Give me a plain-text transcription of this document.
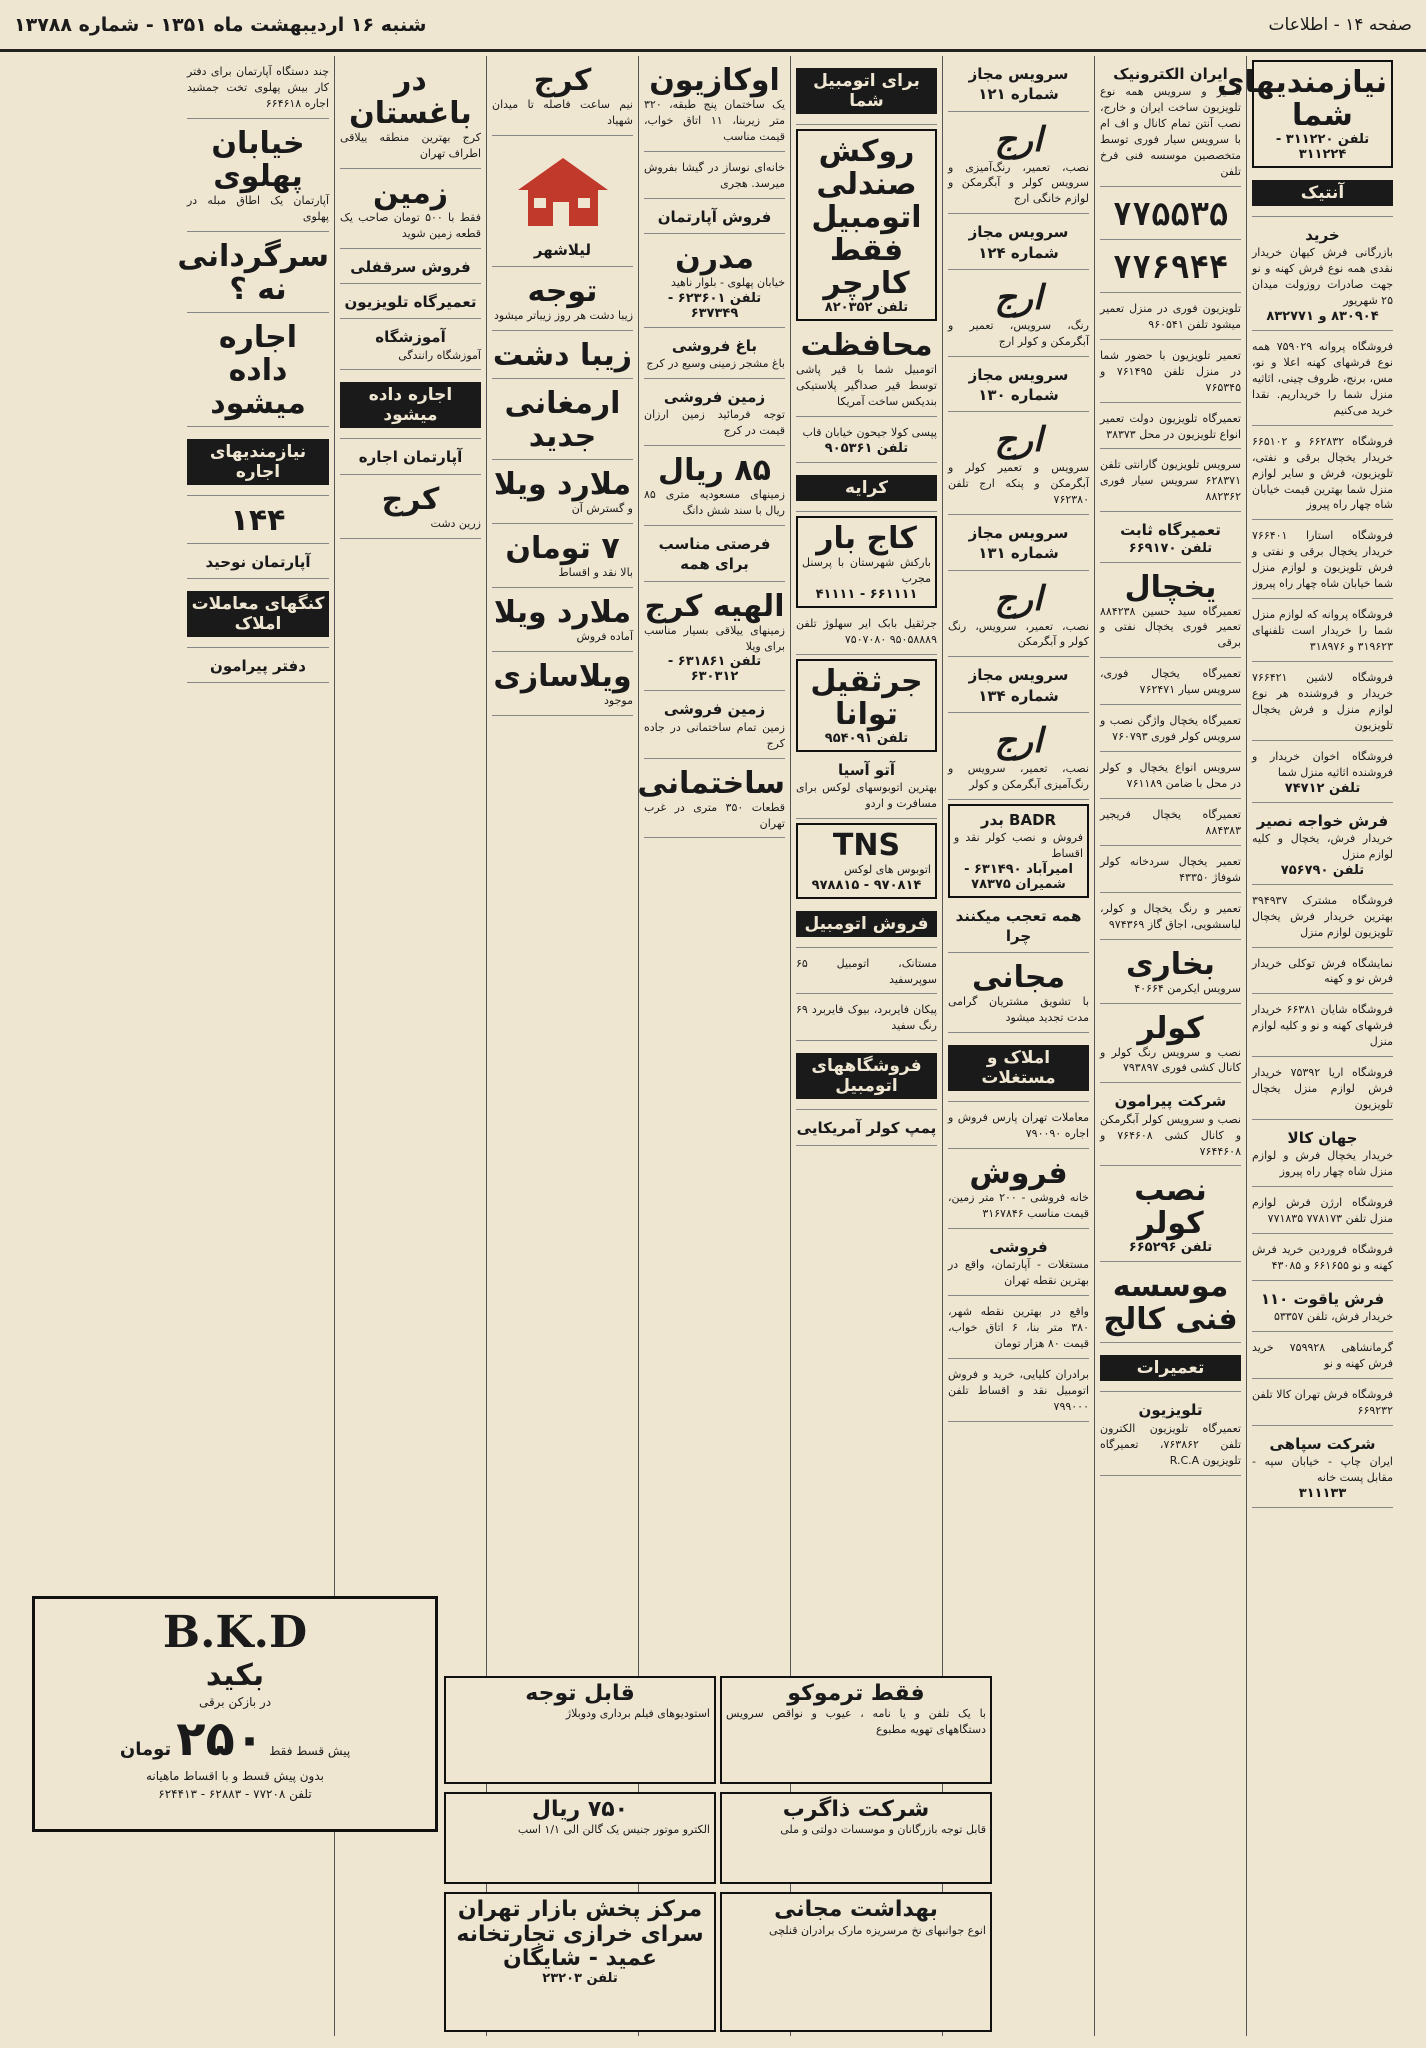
صفحه ۱۴ - اطلاعات
شنبه ۱۶ اردیبهشت ماه ۱۳۵۱ - شماره ۱۳۷۸۸
نیازمندیهای شما
تلفن ۳۱۱۲۲۰ - ۳۱۱۲۲۴
آنتیک
خرید
بازرگانی فرش کیهان خریدار نقدی همه نوع فرش کهنه و نو جهت صادرات روزولت میدان ۲۵ شهریور
۸۳۰۹۰۴ و ۸۳۲۷۷۱
فروشگاه پروانه ۷۵۹۰۲۹ همه نوع فرشهای کهنه اعلا و نو، مس، برنج، ظروف چینی، اثاثیه منزل شما را خریداریم. نقدا خرید می‌کنیم
فروشگاه ۶۶۲۸۳۲ و ۶۶۵۱۰۲ خریدار یخچال برقی و نفتی، تلویزیون، فرش و سایر لوازم منزل شما بهترین قیمت خیابان شاه چهار راه پیروز
فروشگاه استارا ۷۶۶۴۰۱ خریدار یخچال برقی و نفتی و فرش تلویزیون و لوازم منزل شما خیابان شاه چهار راه پیروز
فروشگاه پروانه که لوازم منزل شما را خریدار است تلفنهای ۳۱۹۶۲۳ و ۳۱۸۹۷۶
فروشگاه لاشین ۷۶۶۴۲۱ خریدار و فروشنده هر نوع لوازم منزل و فرش یخچال تلویزیون
فروشگاه اخوان خریدار و فروشنده اثاثیه منزل شما
تلفن ۷۴۷۱۲
فرش خواجه نصیر
خریدار فرش، یخچال و کلیه لوازم منزل
تلفن ۷۵۶۷۹۰
فروشگاه مشترک ۳۹۴۹۳۷ بهترین خریدار فرش یخچال تلویزیون لوازم منزل
نمایشگاه فرش توکلی خریدار فرش نو و کهنه
فروشگاه شایان ۶۶۳۸۱ خریدار فرشهای کهنه و نو و کلیه لوازم منزل
فروشگاه اریا ۷۵۳۹۲ خریدار فرش لوازم منزل یخچال تلویزیون
جهان کالا
خریدار یخچال فرش و لوازم منزل شاه چهار راه پیروز
فروشگاه ارژن فرش لوازم منزل تلفن ۷۷۸۱۷۳ ۷۷۱۸۳۵
فروشگاه فروردین خرید فرش کهنه و نو ۶۶۱۶۵۵ و ۴۳۰۸۵
فرش یاقوت ۱۱۰
خریدار فرش، تلفن ۵۳۳۵۷
گرمانشاهی ۷۵۹۹۲۸ خرید فرش کهنه و نو
فروشگاه فرش تهران کالا تلفن ۶۶۹۲۳۲
شرکت سپاهی
ایران چاپ - خیابان سپه - مقابل پست خانه
۳۱۱۱۳۳
ایران الکترونیک
تعمیر و سرویس همه نوع تلویزیون ساخت ایران و خارج، نصب آنتن تمام کانال و اف ام با سرویس سیار فوری توسط متخصصین موسسه فنی فرخ تلفن
۷۷۵۵۳۵
۷۷۶۹۴۴
تلویزیون فوری در منزل تعمیر میشود تلفن ۹۶۰۵۴۱
تعمیر تلویزیون با حضور شما در منزل تلفن ۷۶۱۴۹۵ و ۷۶۵۳۴۵
تعمیرگاه تلویزیون دولت تعمیر انواع تلویزیون در محل ۳۸۳۷۳
سرویس تلویزیون گارانتی تلفن ۶۲۸۳۷۱ سرویس سیار فوری ۸۸۲۳۶۲
تعمیرگاه ثابت
تلفن ۶۶۹۱۷۰
یخچال
تعمیرگاه سید حسین ۸۸۴۲۳۸ تعمیر فوری یخچال نفتی و برقی
تعمیرگاه یخچال فوری، سرویس سیار ۷۶۲۴۷۱
تعمیرگاه یخچال واژگن نصب و سرویس کولر فوری ۷۶۰۷۹۳
سرویس انواع یخچال و کولر در محل با ضامن ۷۶۱۱۸۹
تعمیرگاه یخچال فریجیر ۸۸۴۳۸۳
تعمیر یخچال سردخانه کولر شوفاژ ۴۳۳۵۰
تعمیر و رنگ یخچال و کولر، لباسشویی، اجاق گاز ۹۷۴۳۶۹
بخاری
سرویس ایکرمن ۴۰۶۶۴
کولر
نصب و سرویس رنگ کولر و کانال کشی فوری ۷۹۳۸۹۷
شرکت پیرامون
نصب و سرویس کولر آبگرمکن و کانال کشی ۷۶۴۶۰۸ و ۷۶۴۴۶۰۸
نصب کولر
تلفن ۶۶۵۲۹۶
موسسه فنی کالج
تعمیرات
تلویزیون
تعمیرگاه تلویزیون الکترون تلفن ۷۶۳۸۶۲، تعمیرگاه تلویزیون R.C.A
سرویس مجاز شماره ۱۲۱
ارج
نصب، تعمیر، رنگ‌آمیزی و سرویس کولر و آبگرمکن و لوازم خانگی ارج
سرویس مجاز شماره ۱۲۴
ارج
رنگ، سرویس، تعمیر و آبگرمکن و کولر ارج
سرویس مجاز شماره ۱۳۰
ارج
سرویس و تعمیر کولر و آبگرمکن و پنکه ارج تلفن ۷۶۲۳۸۰
سرویس مجاز شماره ۱۳۱
ارج
نصب، تعمیر، سرویس، رنگ کولر و آبگرمکن
سرویس مجاز شماره ۱۳۴
ارج
نصب، تعمیر، سرویس و رنگ‌آمیزی آبگرمکن و کولر
BADR بدر
فروش و نصب کولر نقد و اقساط
امیرآباد ۶۳۱۴۹۰ - شمیران ۷۸۳۷۵
همه تعجب میکنند چرا
مجانی
با تشویق مشتریان گرامی مدت تجدید میشود
املاک و مستغلات
معاملات تهران پارس فروش و اجاره ۷۹۰۰۹۰
فروش
خانه فروشی - ۲۰۰ متر زمین، قیمت مناسب ۳۱۶۷۸۴۶
فروشی
مستغلات - آپارتمان، واقع در بهترین نقطه تهران
واقع در بهترین نقطه شهر، ۳۸۰ متر بنا، ۶ اتاق خواب، قیمت ۸۰ هزار تومان
برادران کلیایی، خرید و فروش اتومبیل نقد و اقساط تلفن ۷۹۹۰۰۰
برای اتومبیل شما
روکش صندلی اتومبیل فقط کارچر
تلفن ۸۲۰۳۵۲
محافظت
اتومبیل شما با قیر پاشی توسط قیر صداگیر پلاستیکی بندیکس ساخت آمریکا
پپسی کولا جیحون خیابان قاب
تلفن ۹۰۵۳۶۱
کرایه
کاج بار
بارکش شهرستان با پرسنل مجرب
۶۶۱۱۱۱ - ۴۱۱۱۱
جرثقیل بابک ایر سهلوژ تلفن ۹۵۰۵۸۸۸۹ ۷۵۰۷۰۸۰
جرثقیل توانا
تلفن ۹۵۴۰۹۱
آتو آسیا
بهترین اتوبوسهای لوکس برای مسافرت و اردو
TNS
اتوبوس های لوکس
۹۷۰۸۱۴ - ۹۷۸۸۱۵
فروش اتومبیل
مستانک، اتومبیل ۶۵ سوپرسفید
پیکان فایربرد، بیوک فایربرد ۶۹ رنگ سفید
فروشگاههای اتومبیل
پمپ کولر آمریکایی
اوکازیون
یک ساختمان پنج طبقه، ۳۲۰ متر زیربنا، ۱۱ اتاق خواب، قیمت مناسب
خانه‌ای نوساز در گیشا بفروش میرسد. هجری
فروش آپارتمان
مدرن
خیابان پهلوی - بلوار ناهید
تلفن ۶۲۳۶۰۱ - ۶۳۷۳۴۹
باغ فروشی
باغ مشجر زمینی وسیع در کرج
زمین فروشی
توجه فرمائید زمین ارزان قیمت در کرج
۸۵ ریال
زمینهای مسعودیه متری ۸۵ ریال با سند شش دانگ
فرصتی مناسب برای همه
الهیه کرج
زمینهای ییلاقی بسیار مناسب برای ویلا
تلفن ۶۳۱۸۶۱ - ۶۳۰۳۱۲
زمین فروشی
زمین تمام ساختمانی در جاده کرج
ساختمانی
قطعات ۳۵۰ متری در غرب تهران
کرج
نیم ساعت فاصله تا میدان شهیاد
لیلاشهر
توجه
زیبا دشت هر روز زیباتر میشود
زیبا دشت
ارمغانی جدید
ملارد ویلا
و گسترش آن
۷ تومان
بالا نقد و اقساط
ملارد ویلا
آماده فروش
ویلاسازی
موجود
در باغستان
کرج بهترین منطقه ییلاقی اطراف تهران
زمین
فقط با ۵۰۰ تومان صاحب یک قطعه زمین شوید
فروش سرقفلی
تعمیرگاه تلویزیون
آموزشگاه
آموزشگاه رانندگی
اجاره داده میشود
آپارتمان اجاره
کرج
زرین دشت
چند دستگاه آپارتمان برای دفتر کار بیش پهلوی تخت جمشید اجاره ۶۶۴۶۱۸
خیابان پهلوی
آپارتمان یک اطاق مبله در پهلوی
سرگردانی نه ؟
اجاره داده میشود
نیازمندیهای اجاره
۱۴۴
آپارتمان نوحید
کنگهای معاملات املاک
دفتر پیرامون
B.K.D
بکید
در بازکن برقی
پیش قسط فقط ۲۵۰ تومان
بدون پیش قسط و با اقساط ماهیانه
تلفن ۷۷۲۰۸ - ۶۲۸۸۳ - ۶۲۴۴۱۳
فقط ترموکو
با یک تلفن و یا نامه ، عیوب و نواقص سرویس دستگاههای تهویه مطبوع
قابل توجه
استودیوهای فیلم برداری ودوبلاژ
شرکت ذاگرب
قابل توجه بازرگانان و موسسات دولتی و ملی
۷۵۰ ریال
الکترو موتور جنیس یک گالن الی ۱/۱ اسب
بهداشت مجانی
انوع جوانبهای نخ مرسریزه مارک برادران قنلچی
مرکز پخش بازار تهران سرای خرازی تجارتخانه عمید - شایگان
تلفن ۲۳۲۰۳
